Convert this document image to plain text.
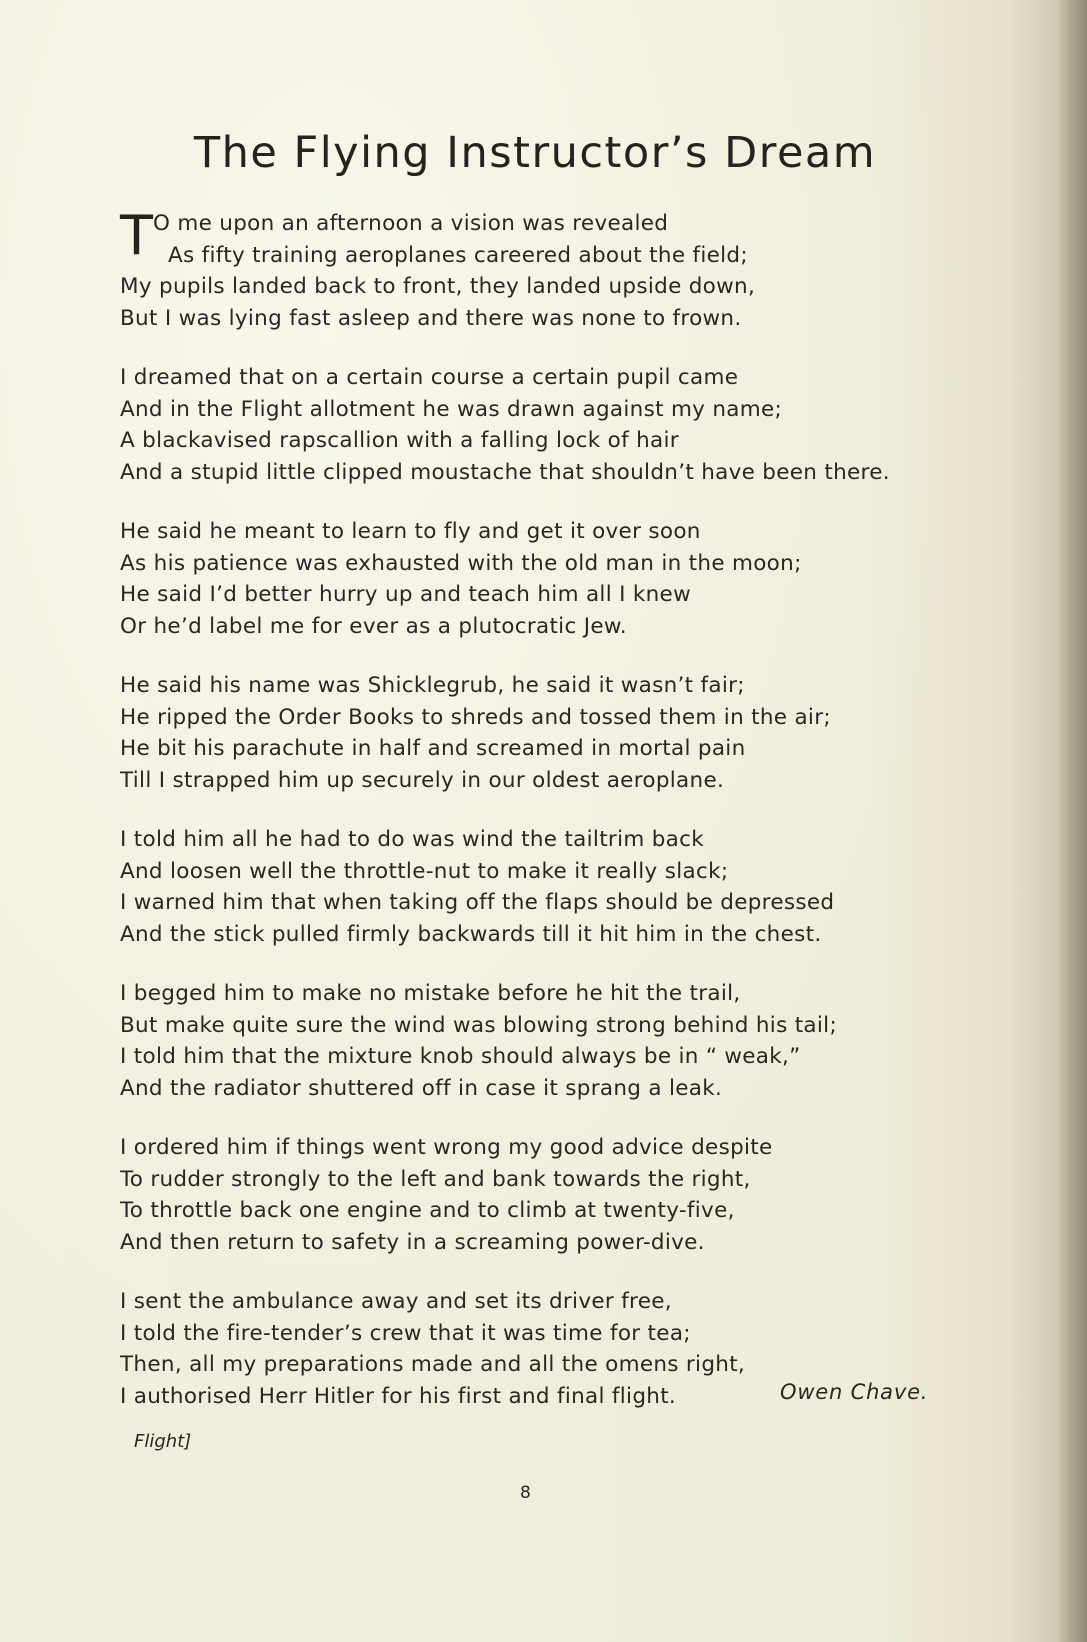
The Flying Instructor’s Dream
T O me upon an afternoon a vision was revealed
As fifty training aeroplanes careered about the field;
My pupils landed back to front, they landed upside down,
But I was lying fast asleep and there was none to frown.
I dreamed that on a certain course a certain pupil came
And in the Flight allotment he was drawn against my name;
A blackavised rapscallion with a falling lock of hair
And a stupid little clipped moustache that shouldn’t have been there.
He said he meant to learn to fly and get it over soon
As his patience was exhausted with the old man in the moon;
He said I’d better hurry up and teach him all I knew
Or he’d label me for ever as a plutocratic Jew.
He said his name was Shicklegrub, he said it wasn’t fair;
He ripped the Order Books to shreds and tossed them in the air;
He bit his parachute in half and screamed in mortal pain
Till I strapped him up securely in our oldest aeroplane.
I told him all he had to do was wind the tailtrim back
And loosen well the throttle-nut to make it really slack;
I warned him that when taking off the flaps should be depressed
And the stick pulled firmly backwards till it hit him in the chest.
I begged him to make no mistake before he hit the trail,
But make quite sure the wind was blowing strong behind his tail;
I told him that the mixture knob should always be in “ weak,”
And the radiator shuttered off in case it sprang a leak.
I ordered him if things went wrong my good advice despite
To rudder strongly to the left and bank towards the right,
To throttle back one engine and to climb at twenty-five,
And then return to safety in a screaming power-dive.
I sent the ambulance away and set its driver free,
I told the fire-tender’s crew that it was time for tea;
Then, all my preparations made and all the omens right,
I authorised Herr Hitler for his first and final flight.	Owen Chave.
Flight]
8
